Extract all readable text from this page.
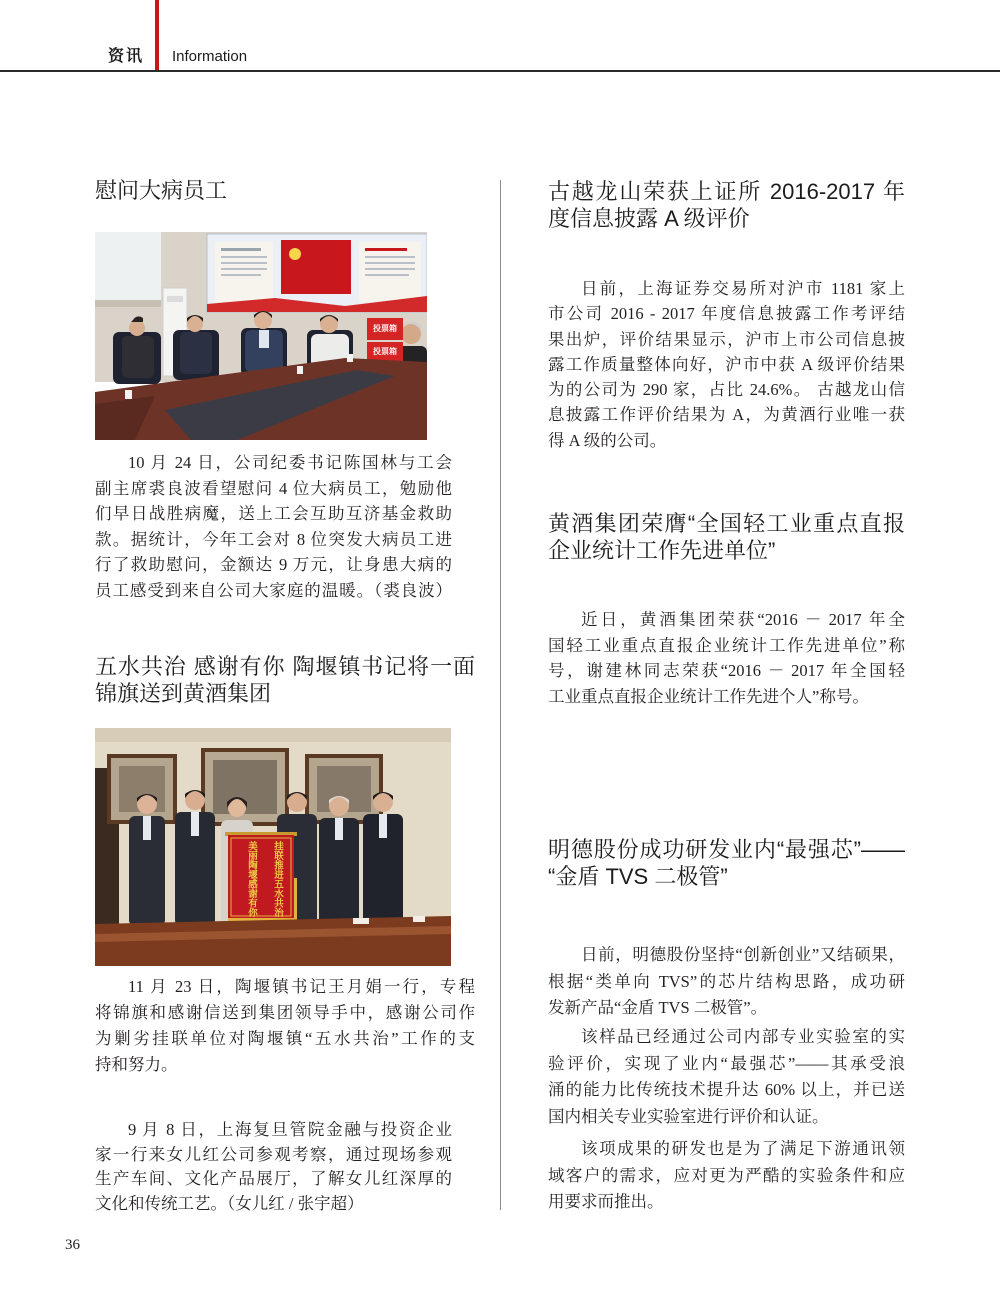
资讯 Information
慰问大病员工
投票箱
投票箱
10 月 24 日，公司纪委书记陈国林与工会
副主席裘良波看望慰问 4 位大病员工，勉励他
们早日战胜病魔，送上工会互助互济基金救助
款。据统计，今年工会对 8 位突发大病员工进
行了救助慰问，金额达 9 万元，让身患大病的
员工感受到来自公司大家庭的温暖。（裘良波）
五水共治 感谢有你 陶堰镇书记将一面
锦旗送到黄酒集团
挂联推进五水共治
美丽陶堰感谢有你
11 月 23 日，陶堰镇书记王月娟一行，专程
将锦旗和感谢信送到集团领导手中，感谢公司作
为剿劣挂联单位对陶堰镇“五水共治”工作的支
持和努力。
9 月 8 日，上海复旦管院金融与投资企业
家一行来女儿红公司参观考察，通过现场参观
生产车间、文化产品展厅，了解女儿红深厚的
文化和传统工艺。（女儿红 / 张宇超）
古越龙山荣获上证所 2016-2017 年
度信息披露 A 级评价
日前，上海证券交易所对沪市 1181 家上
市公司 2016 - 2017 年度信息披露工作考评结
果出炉，评价结果显示，沪市上市公司信息披
露工作质量整体向好，沪市中获 A 级评价结果
为的公司为 290 家，占比 24.6%。 古越龙山信
息披露工作评价结果为 A，为黄酒行业唯一获
得 A 级的公司。
黄酒集团荣膺“全国轻工业重点直报
企业统计工作先进单位”
近日，黄酒集团荣获“2016 － 2017 年全
国轻工业重点直报企业统计工作先进单位”称
号，谢建林同志荣获“2016 － 2017 年全国轻
工业重点直报企业统计工作先进个人”称号。
明德股份成功研发业内“最强芯”——
“金盾 TVS 二极管”
日前，明德股份坚持“创新创业”又结硕果，
根据“类单向 TVS”的芯片结构思路，成功研
发新产品“金盾 TVS 二极管”。
该样品已经通过公司内部专业实验室的实
验评价，实现了业内“最强芯”——其承受浪
涌的能力比传统技术提升达 60% 以上，并已送
国内相关专业实验室进行评价和认证。
该项成果的研发也是为了满足下游通讯领
域客户的需求，应对更为严酷的实验条件和应
用要求而推出。
36
